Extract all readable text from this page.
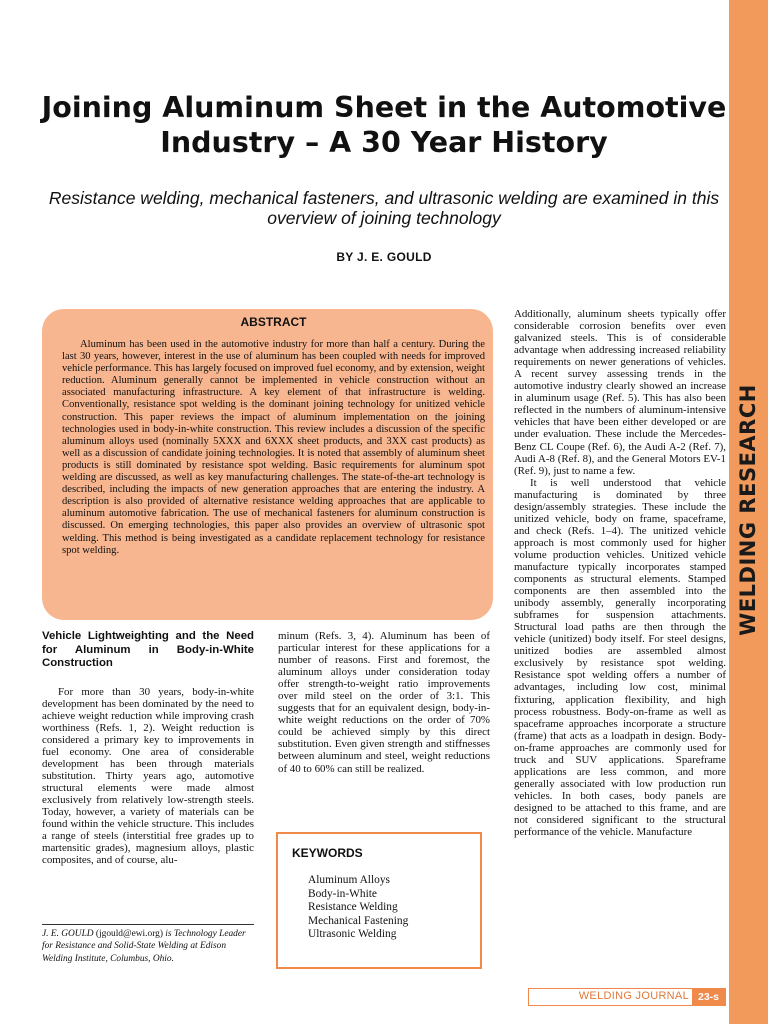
WELDING RESEARCH
Joining Aluminum Sheet in the Automotive
Industry – A 30 Year History

Resistance welding, mechanical fasteners, and ultrasonic welding are examined in this overview of joining technology

BY J. E. GOULD
ABSTRACT

Aluminum has been used in the automotive industry for more than half a century. During the last 30 years, however, interest in the use of aluminum has been coupled with needs for improved vehicle performance. This has largely focused on improved fuel economy, and by extension, weight reduction. Aluminum generally cannot be implemented in vehicle construction without an associated manufacturing infrastructure. A key element of that infrastructure is welding. Conventionally, resistance spot welding is the dominant joining technology for unitized vehicle construction. This paper reviews the impact of aluminum implementation on the joining technologies used in body-in-white construction. This review includes a discussion of the specific aluminum alloys used (nominally 5XXX and 6XXX sheet products, and 3XX cast products) as well as a discussion of candidate joining technologies. It is noted that assembly of aluminum sheet products is still dominated by resistance spot welding. Basic requirements for aluminum spot welding are discussed, as well as key manufacturing challenges. The state-of-the-art technology is described, including the impacts of new generation approaches that are entering the industry. A description is also provided of alternative resistance welding approaches that are applicable to aluminum automotive fabrication. The use of mechanical fasteners for aluminum construction is discussed. On emerging technologies, this paper also provides an overview of ultrasonic spot welding. This method is being investigated as a candidate replacement technology for resistance spot welding.

Vehicle Lightweighting and the Need for Aluminum in Body-in-White Construction

For more than 30 years, body-in-white development has been dominated by the need to achieve weight reduction while improving crash worthiness (Refs. 1, 2). Weight reduction is considered a primary key to improvements in fuel economy. One area of considerable development has been through materials substitution. Thirty years ago, automotive structural elements were made almost exclusively from relatively low-strength steels. Today, however, a variety of materials can be found within the vehicle structure. This includes a range of steels (interstitial free grades up to martensitic grades), magnesium alloys, plastic composites, and of course, alu-

J. E. GOULD (jgould@ewi.org) is Technology Leader for Resistance and Solid-State Welding at Edison Welding Institute, Columbus, Ohio.

minum (Refs. 3, 4). Aluminum has been of particular interest for these applications for a number of reasons. First and foremost, the aluminum alloys under consideration today offer strength-to-weight ratio improvements over mild steel on the order of 3:1. This suggests that for an equivalent design, body-in-white weight reductions on the order of 70% could be achieved simply by this direct substitution. Even given strength and stiffnesses between aluminum and steel, weight reductions of 40 to 60% can still be realized.

KEYWORDS
Aluminum Alloys
Body-in-White
Resistance Welding
Mechanical Fastening
Ultrasonic Welding

Additionally, aluminum sheets typically offer considerable corrosion benefits over even galvanized steels. This is of considerable advantage when addressing increased reliability requirements on newer generations of vehicles. A recent survey assessing trends in the automotive industry clearly showed an increase in aluminum usage (Ref. 5). This has also been reflected in the numbers of aluminum-intensive vehicles that have been either developed or are under evaluation. These include the Mercedes-Benz CL Coupe (Ref. 6), the Audi A-2 (Ref. 7), Audi A-8 (Ref. 8), and the General Motors EV-1 (Ref. 9), just to name a few.

It is well understood that vehicle manufacturing is dominated by three design/assembly strategies. These include the unitized vehicle, body on frame, spaceframe, and check (Refs. 1–4). The unitized vehicle approach is most commonly used for higher volume production vehicles. Unitized vehicle manufacture typically incorporates stamped components as structural elements. Stamped components are then assembled into the unibody assembly, generally incorporating subframes for suspension attachments. Structural load paths are then through the vehicle (unitized) body itself. For steel designs, unitized bodies are assembled almost exclusively by resistance spot welding. Resistance spot welding offers a number of advantages, including low cost, minimal fixturing, application flexibility, and high process robustness. Body-on-frame as well as spaceframe approaches incorporate a structure (frame) that acts as a loadpath in design. Body-on-frame approaches are commonly used for truck and SUV applications. Spareframe applications are less common, and more generally associated with low production run vehicles. In both cases, body panels are designed to be attached to this frame, and are not considered significant to the structural performance of the vehicle. Manufacture

WELDING JOURNAL 23-s
